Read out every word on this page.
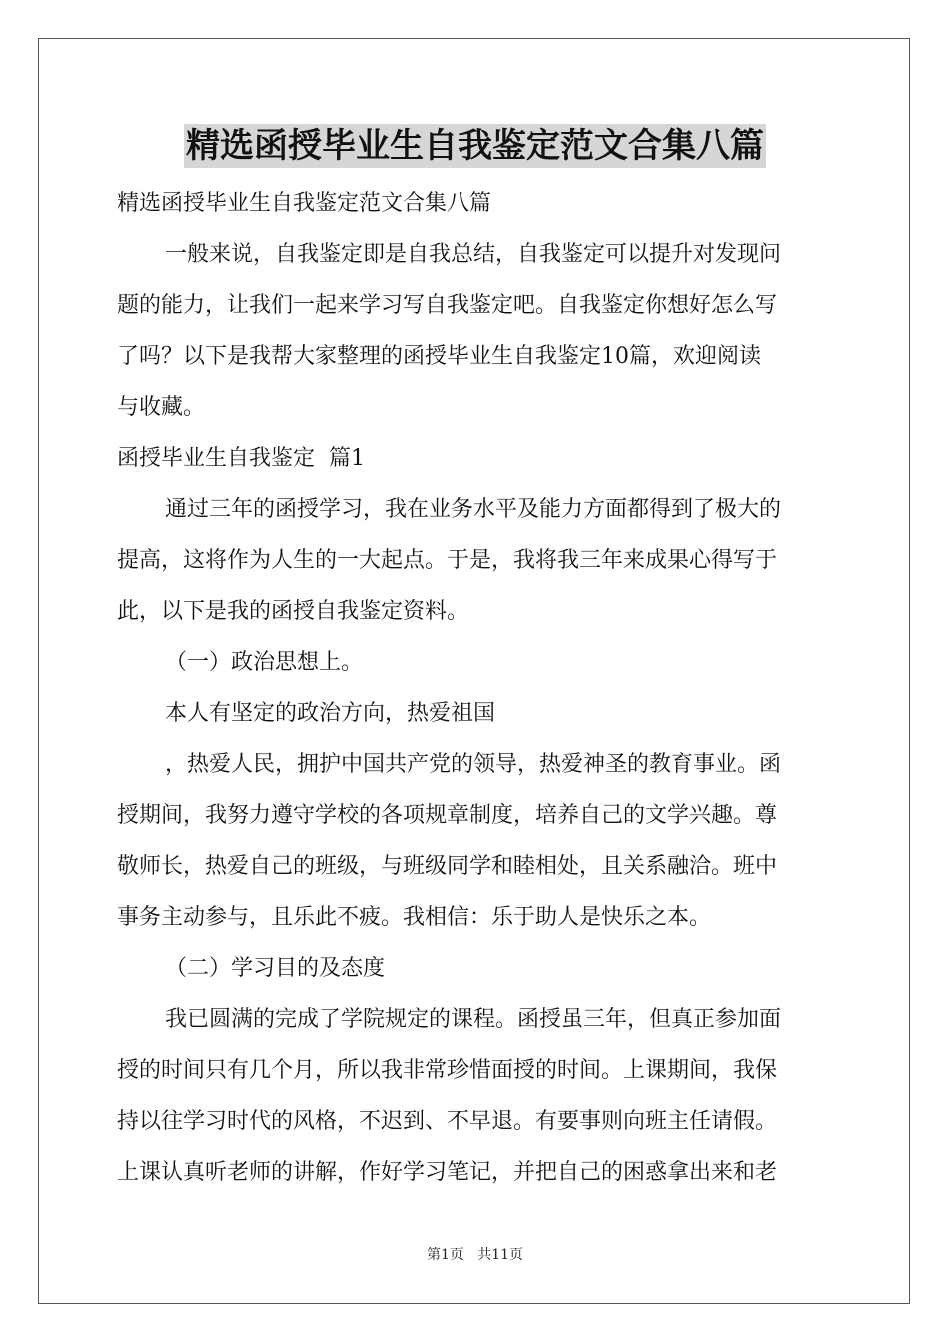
精选函授毕业生自我鉴定范文合集八篇
精选函授毕业生自我鉴定范文合集八篇
一般来说，自我鉴定即是自我总结，自我鉴定可以提升对发现问
题的能力，让我们一起来学习写自我鉴定吧。自我鉴定你想好怎么写
了吗？以下是我帮大家整理的函授毕业生自我鉴定10篇，欢迎阅读
与收藏。
函授毕业生自我鉴定  篇1
通过三年的函授学习，我在业务水平及能力方面都得到了极大的
提高，这将作为人生的一大起点。于是，我将我三年来成果心得写于
此，以下是我的函授自我鉴定资料。
（一）政治思想上。
本人有坚定的政治方向，热爱祖国
，热爱人民，拥护中国共产党的领导，热爱神圣的教育事业。函
授期间，我努力遵守学校的各项规章制度，培养自己的文学兴趣。尊
敬师长，热爱自己的班级，与班级同学和睦相处，且关系融洽。班中
事务主动参与，且乐此不疲。我相信：乐于助人是快乐之本。
（二）学习目的及态度
我已圆满的完成了学院规定的课程。函授虽三年，但真正参加面
授的时间只有几个月，所以我非常珍惜面授的时间。上课期间，我保
持以往学习时代的风格，不迟到、不早退。有要事则向班主任请假。
上课认真听老师的讲解，作好学习笔记，并把自己的困惑拿出来和老
第1页   共11页
